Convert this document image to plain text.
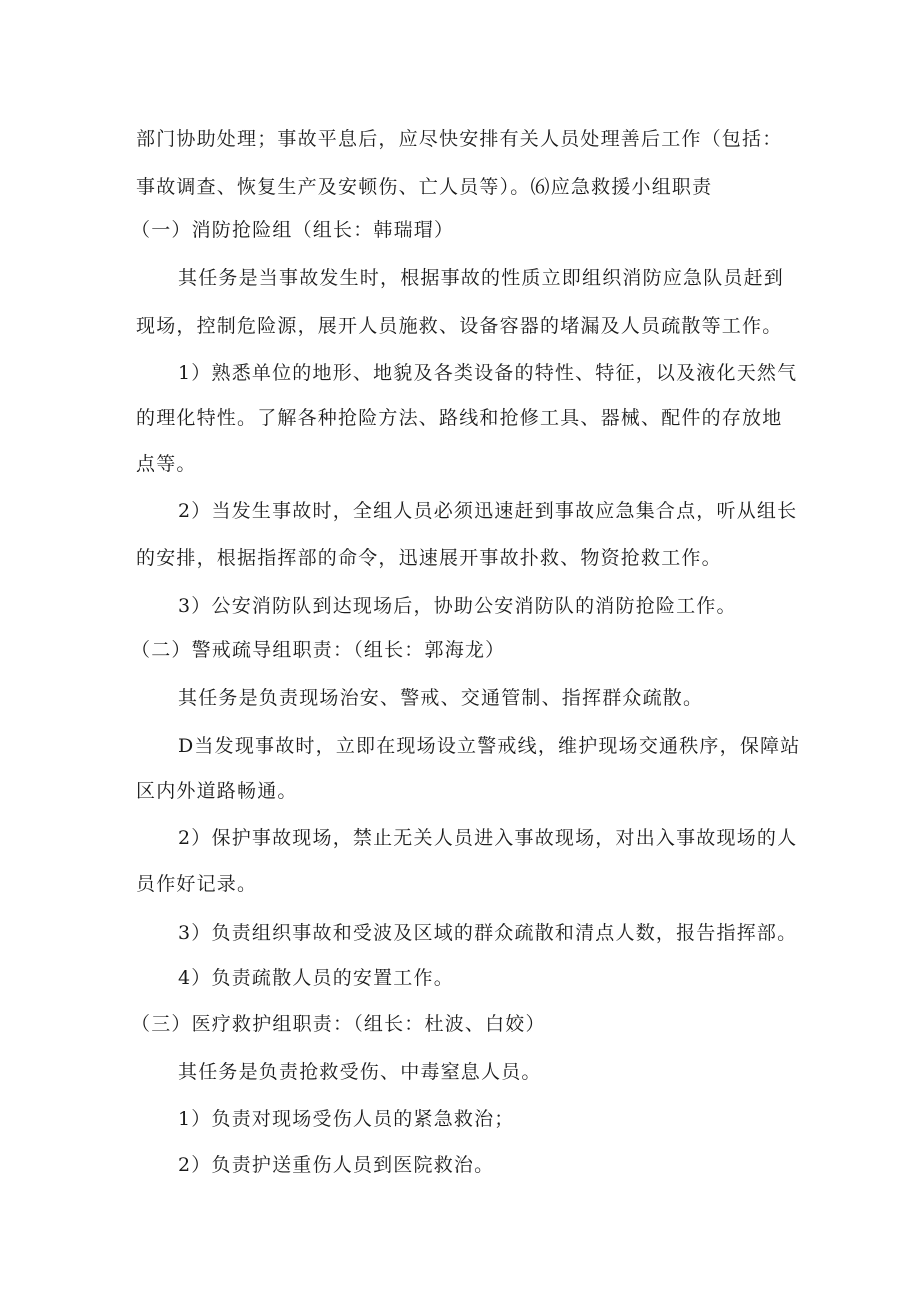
部门协助处理；事故平息后，应尽快安排有关人员处理善后工作（包括：
事故调查、恢复生产及安顿伤、亡人员等）。⑹应急救援小组职责
（一）消防抢险组（组长：韩瑞瑁）
其任务是当事故发生时，根据事故的性质立即组织消防应急队员赶到
现场，控制危险源，展开人员施救、设备容器的堵漏及人员疏散等工作。
1）熟悉单位的地形、地貌及各类设备的特性、特征，以及液化天然气
的理化特性。了解各种抢险方法、路线和抢修工具、器械、配件的存放地
点等。
2）当发生事故时，全组人员必须迅速赶到事故应急集合点，听从组长
的安排，根据指挥部的命令，迅速展开事故扑救、物资抢救工作。
3）公安消防队到达现场后，协助公安消防队的消防抢险工作。
（二）警戒疏导组职责：（组长：郭海龙）
其任务是负责现场治安、警戒、交通管制、指挥群众疏散。
D当发现事故时，立即在现场设立警戒线，维护现场交通秩序，保障站
区内外道路畅通。
2）保护事故现场，禁止无关人员进入事故现场，对出入事故现场的人
员作好记录。
3）负责组织事故和受波及区域的群众疏散和清点人数，报告指挥部。
4）负责疏散人员的安置工作。
（三）医疗救护组职责：（组长：杜波、白姣）
其任务是负责抢救受伤、中毒窒息人员。
1）负责对现场受伤人员的紧急救治；
2）负责护送重伤人员到医院救治。
